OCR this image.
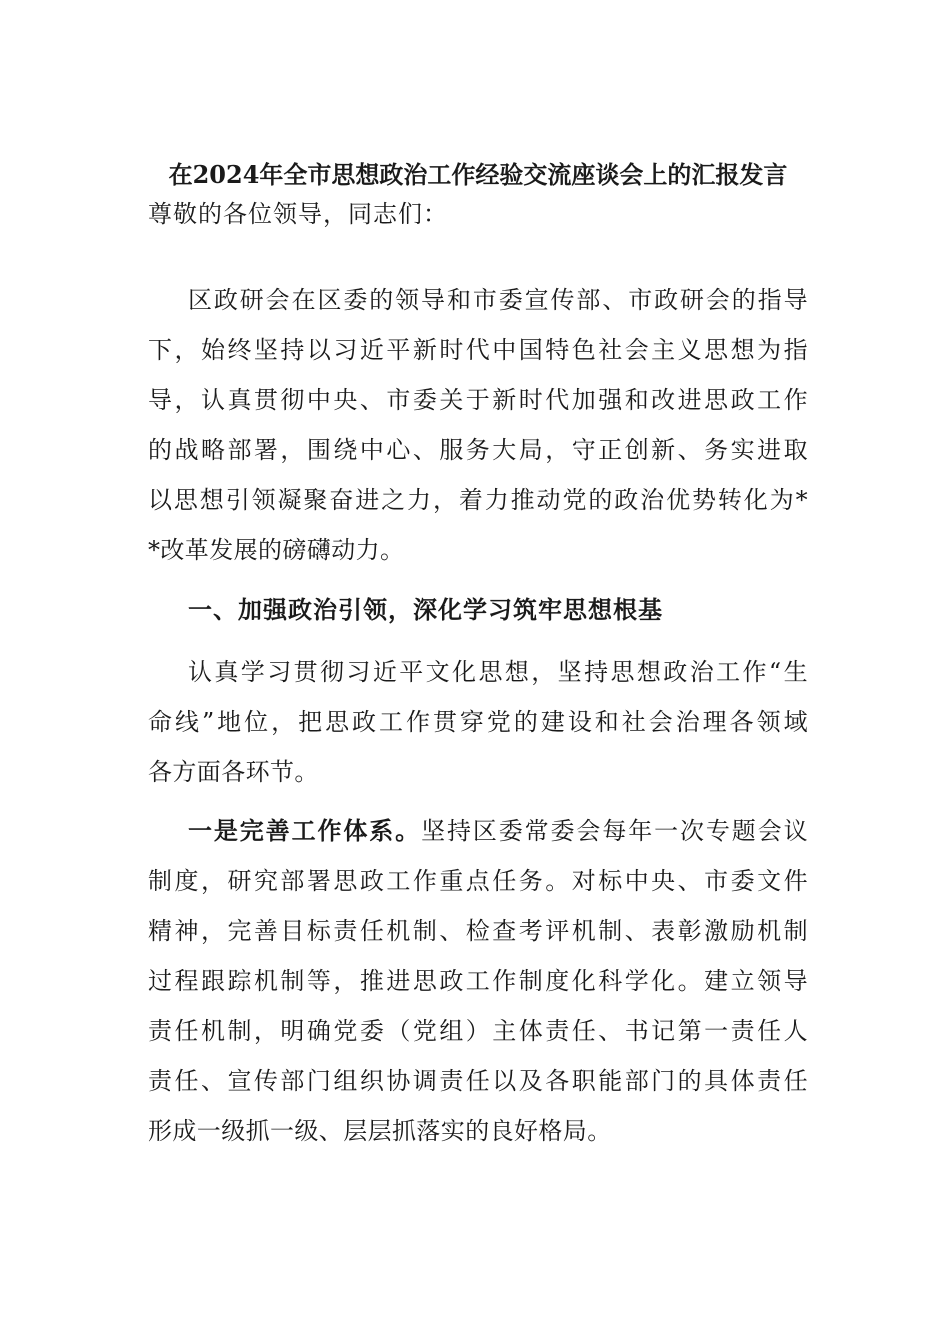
在2024年全市思想政治工作经验交流座谈会上的汇报发言
尊敬的各位领导，同志们：
区政研会在区委的领导和市委宣传部、市政研会的指导
下，始终坚持以习近平新时代中国特色社会主义思想为指
导，认真贯彻中央、市委关于新时代加强和改进思政工作
的战略部署，围绕中心、服务大局，守正创新、务实进取
以思想引领凝聚奋进之力，着力推动党的政治优势转化为*
*改革发展的磅礴动力。
一、加强政治引领，深化学习筑牢思想根基
认真学习贯彻习近平文化思想，坚持思想政治工作“生
命线”地位，把思政工作贯穿党的建设和社会治理各领域
各方面各环节。
一是完善工作体系。坚持区委常委会每年一次专题会议
制度，研究部署思政工作重点任务。对标中央、市委文件
精神，完善目标责任机制、检查考评机制、表彰激励机制
过程跟踪机制等，推进思政工作制度化科学化。建立领导
责任机制，明确党委（党组）主体责任、书记第一责任人
责任、宣传部门组织协调责任以及各职能部门的具体责任
形成一级抓一级、层层抓落实的良好格局。
